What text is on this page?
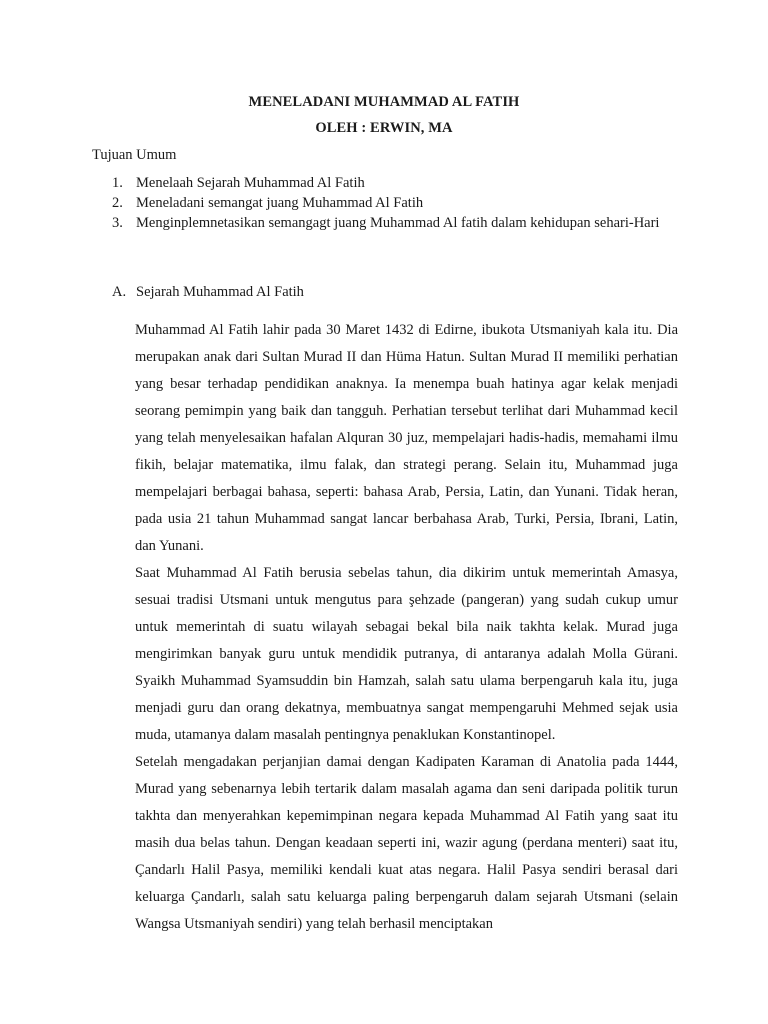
MENELADANI MUHAMMAD AL FATIH
OLEH : ERWIN, MA
Tujuan Umum
1. Menelaah Sejarah Muhammad Al Fatih
2. Meneladani semangat juang Muhammad Al Fatih
3. Menginplemnetasikan semangagt juang Muhammad Al fatih dalam kehidupan sehari-Hari
A. Sejarah Muhammad Al Fatih

Muhammad Al Fatih lahir pada 30 Maret 1432 di Edirne, ibukota Utsmaniyah kala itu. Dia merupakan anak dari Sultan Murad II dan Hüma Hatun. Sultan Murad II memiliki perhatian yang besar terhadap pendidikan anaknya. Ia menempa buah hatinya agar kelak menjadi seorang pemimpin yang baik dan tangguh. Perhatian tersebut terlihat dari Muhammad kecil yang telah menyelesaikan hafalan Alquran 30 juz, mempelajari hadis-hadis, memahami ilmu fikih, belajar matematika, ilmu falak, dan strategi perang. Selain itu, Muhammad juga mempelajari berbagai bahasa, seperti: bahasa Arab, Persia, Latin, dan Yunani. Tidak heran, pada usia 21 tahun Muhammad sangat lancar berbahasa Arab, Turki, Persia, Ibrani, Latin, dan Yunani.

Saat Muhammad Al Fatih berusia sebelas tahun, dia dikirim untuk memerintah Amasya, sesuai tradisi Utsmani untuk mengutus para şehzade (pangeran) yang sudah cukup umur untuk memerintah di suatu wilayah sebagai bekal bila naik takhta kelak. Murad juga mengirimkan banyak guru untuk mendidik putranya, di antaranya adalah Molla Gürani. Syaikh Muhammad Syamsuddin bin Hamzah, salah satu ulama berpengaruh kala itu, juga menjadi guru dan orang dekatnya, membuatnya sangat mempengaruhi Mehmed sejak usia muda, utamanya dalam masalah pentingnya penaklukan Konstantinopel.

Setelah mengadakan perjanjian damai dengan Kadipaten Karaman di Anatolia pada 1444, Murad yang sebenarnya lebih tertarik dalam masalah agama dan seni daripada politik turun takhta dan menyerahkan kepemimpinan negara kepada Muhammad Al Fatih yang saat itu masih dua belas tahun. Dengan keadaan seperti ini, wazir agung (perdana menteri) saat itu, Çandarlı Halil Pasya, memiliki kendali kuat atas negara. Halil Pasya sendiri berasal dari keluarga Çandarlı, salah satu keluarga paling berpengaruh dalam sejarah Utsmani (selain Wangsa Utsmaniyah sendiri) yang telah berhasil menciptakan
